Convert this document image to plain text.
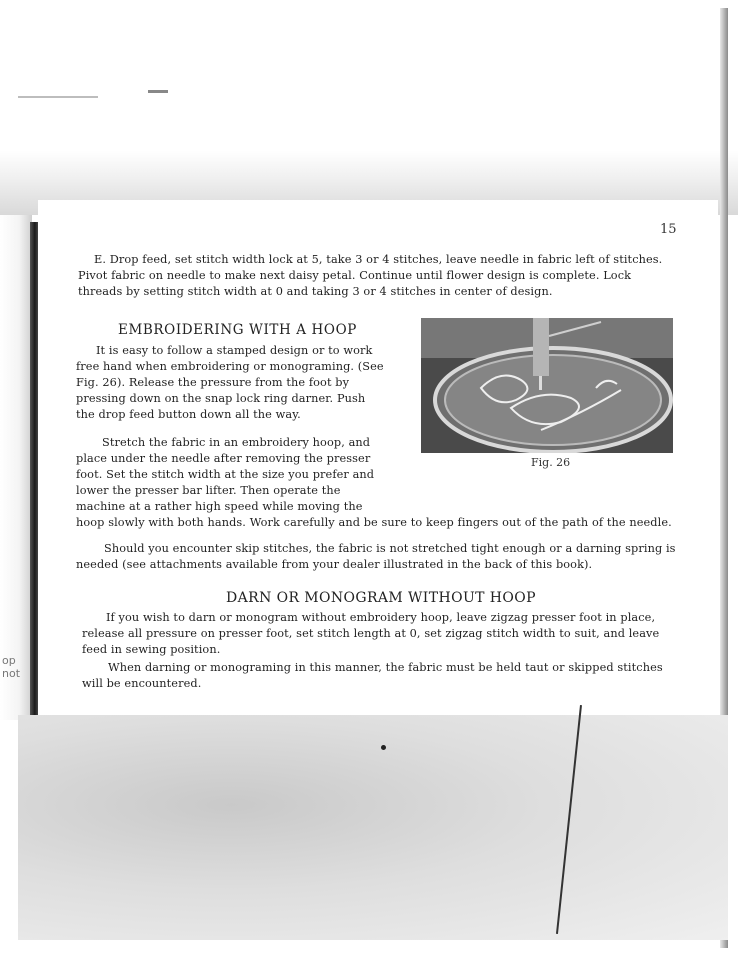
op
not
15
E. Drop feed, set stitch width lock at 5, take 3 or 4 stitches, leave needle in fabric left of stitches. Pivot fabric on needle to make next daisy petal. Continue until flower design is complete. Lock threads by setting stitch width at 0 and taking 3 or 4 stitches in center of design.
EMBROIDERING WITH A HOOP
It is easy to follow a stamped design or to work free hand when embroidering or monograming. (See Fig. 26). Release the pressure from the foot by pressing down on the snap lock ring darner. Push the drop feed button down all the way.
Stretch the fabric in an embroidery hoop, and place under the needle after removing the presser foot. Set the stitch width at the size you prefer and lower the presser bar lifter. Then operate the machine at a rather high speed while moving the
hoop slowly with both hands. Work carefully and be sure to keep fingers out of the path of the needle.
Should you encounter skip stitches, the fabric is not stretched tight enough or a darning spring is needed (see attachments available from your dealer illustrated in the back of this book).
Fig. 26
DARN OR MONOGRAM WITHOUT HOOP
If you wish to darn or monogram without embroidery hoop, leave zigzag presser foot in place, release all pressure on presser foot, set stitch length at 0, set zigzag stitch width to suit, and leave feed in sewing position.
When darning or monograming in this manner, the fabric must be held taut or skipped stitches will be encountered.
